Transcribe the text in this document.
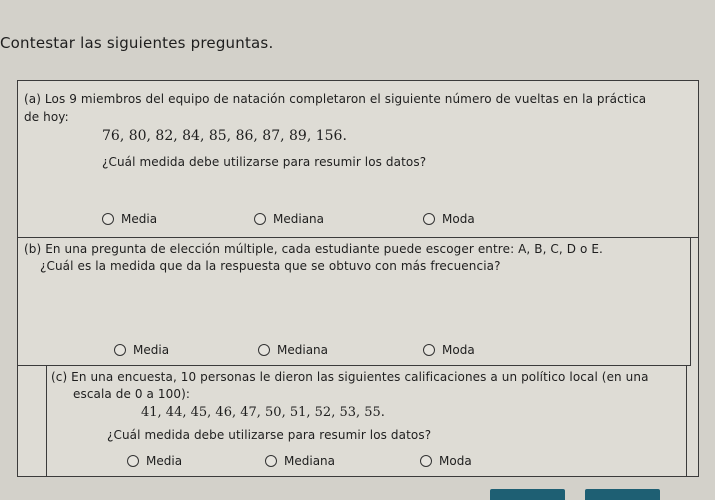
Contestar las siguientes preguntas.

(a) Los 9 miembros del equipo de natación completaron el siguiente número de vueltas en la práctica

de hoy:

76, 80, 82, 84, 85, 86, 87, 89, 156.

¿Cuál medida debe utilizarse para resumir los datos?

Media	Mediana	Moda

(b) En una pregunta de elección múltiple, cada estudiante puede escoger entre: A, B, C, D o E.

¿Cuál es la medida que da la respuesta que se obtuvo con más frecuencia?

Media	Mediana	Moda

(c) En una encuesta, 10 personas le dieron las siguientes calificaciones a un político local (en una

escala de 0 a 100):

41, 44, 45, 46, 47, 50, 51, 52, 53, 55.

¿Cuál medida debe utilizarse para resumir los datos?

Media	Mediana	Moda
